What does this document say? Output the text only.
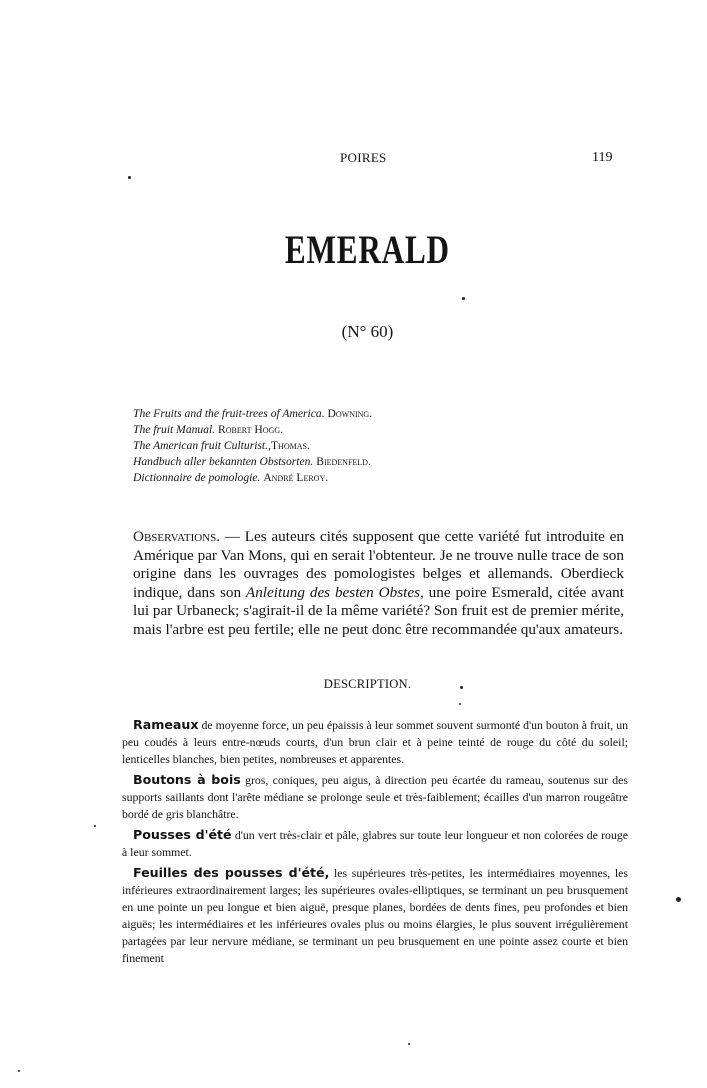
POIRES	119
EMERALD
(N° 60)
The Fruits and the fruit-trees of America. Downing.
The fruit Manual. Robert Hogg.
The American fruit Culturist.,Thomas.
Handbuch aller bekannten Obstsorten. Biedenfeld.
Dictionnaire de pomologie. André Leroy.
Observations. — Les auteurs cités supposent que cette variété fut introduite en Amérique par Van Mons, qui en serait l'obtenteur. Je ne trouve nulle trace de son origine dans les ouvrages des pomologistes belges et allemands. Oberdieck indique, dans son Anleitung des besten Obstes, une poire Esmerald, citée avant lui par Urbaneck; s'agirait-il de la même variété? Son fruit est de premier mérite, mais l'arbre est peu fertile; elle ne peut donc être recommandée qu'aux amateurs.
DESCRIPTION.

Rameaux de moyenne force, un peu épaissis à leur sommet souvent surmonté d'un bouton à fruit, un peu coudés à leurs entre-nœuds courts, d'un brun clair et à peine teinté de rouge du côté du soleil; lenticelles blanches, bien petites, nombreuses et apparentes.

Boutons à bois gros, coniques, peu aigus, à direction peu écartée du rameau, soutenus sur des supports saillants dont l'arête médiane se prolonge seule et très-faiblement; écailles d'un marron rougeâtre bordé de gris blanchâtre.

Pousses d'été d'un vert très-clair et pâle, glabres sur toute leur longueur et non colorées de rouge à leur sommet.

Feuilles des pousses d'été, les supérieures très-petites, les intermédiaires moyennes, les inférieures extraordinairement larges; les supérieures ovales-elliptiques, se terminant un peu brusquement en une pointe un peu longue et bien aiguë, presque planes, bordées de dents fines, peu profondes et bien aiguës; les intermédiaires et les inférieures ovales plus ou moins élargies, le plus souvent irrégulièrement partagées par leur nervure médiane, se terminant un peu brusquement en une pointe assez courte et bien finement
